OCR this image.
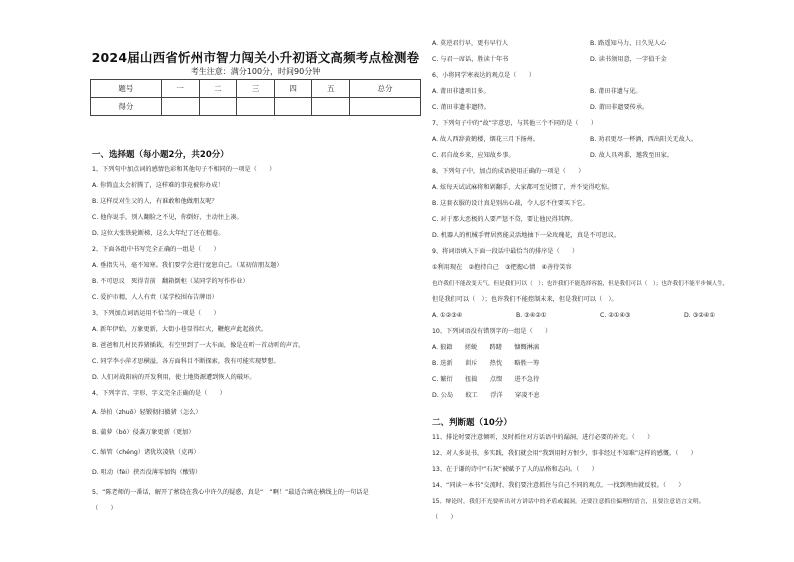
2024届山西省忻州市智力闯关小升初语文高频考点检测卷
考生注意：满分100分，时间90分钟
题号	一	二	三	四	五	总分
得分						
一、选择题（每小题2分，共20分）
1、下列句中加点词的感情色彩和其他句子不相同的一项是（　　）
A. 你简直太会折腾了，这样难的事竟被你办成！
B. 这样反对生父的人，有谁敢和他做朋友呢？
C. 他你说手，别人翻脸之不见，你倒好，主动往上凑。
D. 这位大张铁轮断梯，这么大年纪了还在精卷。
2、下面各组中书写完全正确的一组是（　　）
A. 垂指失马，毫不知寒。我们要学会进行宽恕自己。（某初信朋友题）
B. 不可思议　死得青前　翻箱倒柜（某同学的写作作业）
C. 爱护市精，人人有责（某学校围布告牌语）
3、下列加点词语运用不恰当的一项是（　　）
A. 新年伊始，万象更新，大街小巷显得红火，鞭炮声此起彼伏。
B. 爸爸和几村民养猪插栽，有空里到了一大车面，像是在听一首动听的声音。
C. 同学李小萍才思横溢，各方面科目不断探索，我有可能实现梦想。
D. 人们对战阳病的开发利用，使土地资源遭到恢人的破坏。
4、下列字音、字形、字义完全正确的是（　　）
A. 举拍（zhuō）轻锻彻扫撤猪（怎么）
B. 蒲萝（bó）侵袭万象更新（更加）
C. 缩管（chéng）诸犹坎凌轨（克再）
D. 咀动（fèi）挟否没薄零加钩（酸铸）
5、“陈老师的一番话，解开了萦绕在我心中许久的疑惑，真是“　”啊！”最适合填在横线上的一句话是
（　　）
A. 莫逆君行早，更有早行人	B. 路遥知马力，日久见人心
C. 与君一席话，胜读十年书	D. 读书须用意，一字值千金
6、小将同学寒表达的观点是（　　）
A. 莆田非遗项目多。	B. 莆田非遗与见。
C. 莆田非遗非遗特。	D. 莆田非遗要传承。
7、下列句子中的“故”字意思，与其他三个不同的是（　　）
A. 故人西辞黄鹤楼，烟花三月下扬州。	B. 劝君更尽一杯酒，西出阳关无故人。
C. 君自故乡来，应知故乡事。	D. 故人具鸡黍，邀我至田家。
8、下列句子中，加点的成语使用正确的一项是（　　）
A. 炫每天试试麻将和剁翻手，大家都可至见惯了，并不觉得吃惊。
B. 这套衣服的设计真是别出心裁，令人忍不住要买下它。
C. 对于那大恶极的人要严惩不贷，要让他民得其辉。
D. 机器人的机械手臂居然能灵活地抽下一朵玫瑰花，真是不可思议。
9、将词语填入下面一段话中最恰当的排序是（　　）
①利用现在　②抱持自己　③把握心情　④善待笑容
也许我们不能改变天气，但是我们可以（　）；也许我们不能选择容貌，但是我们可以（　）；也许我们不能平步倾人生，
但是我们可以（　）；也许我们不能控制未来，但是我们可以（　）。
A. ①②③④	B. ③④②①	C. ②①④③	D. ③②④①
10、下列词语没有错别字的一组是（　　）
A. 狼籍　　搓蜕　　踌躇　　慷慨淋漓
B. 迭新　　训斥　　热忱　　略胜一筹
C. 繁衍　　扭捣　　点缀　　进不急待
D. 公岛　　蚊工　　浮洋　　穿凌不息
二、判断题（10分）
11、排论时要注意倾听，及时抓住对方话语中的漏洞，进行必要的补充。（　　）
12、对人多说书，多实践，我们就会用“我到用时方恨少，事非经过不知难”这样的感慨。（　　）
13、在于谦的诗中“石灰”被赋予了人的品格和志向。（　　）
14、“同读一本书”交流时，我们要注意抓住与自己不同的观点，一找到理由就反驳。（　　）
15、辩论时，我们不光要听出对方讲话中的矛盾或漏洞，还要注意抓住偏理的语言，且要注意语言文明。
（　　）
